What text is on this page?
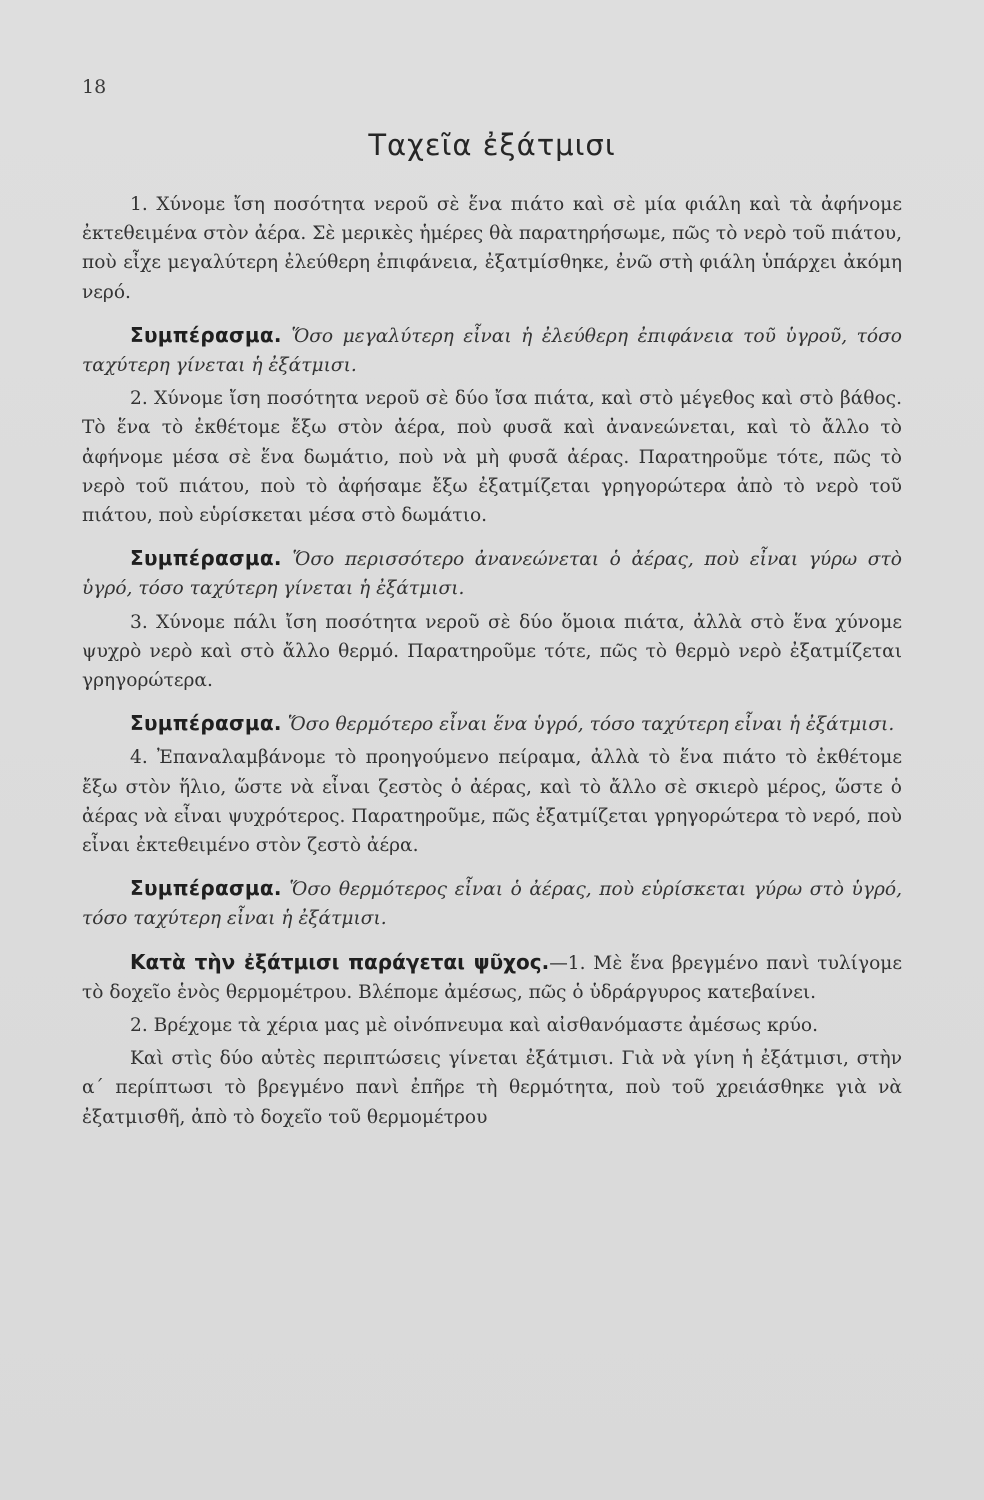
18
Ταχεῖα ἐξάτμισι

1. Χύνομε ἴση ποσότητα νεροῦ σὲ ἕνα πιάτο καὶ σὲ μία φιάλη καὶ τὰ ἀφήνομε ἐκτεθειμένα στὸν ἀέρα. Σὲ μερικὲς ἡμέρες θὰ παρατηρήσωμε, πῶς τὸ νερὸ τοῦ πιάτου, ποὺ εἶχε μεγαλύτερη ἐλεύθερη ἐπιφάνεια, ἐξατμίσθηκε, ἐνῶ στὴ φιάλη ὑπάρχει ἀκόμη νερό.

Συμπέρασμα. Ὅσο μεγαλύτερη εἶναι ἡ ἐλεύθερη ἐπιφάνεια τοῦ ὑγροῦ, τόσο ταχύτερη γίνεται ἡ ἐξάτμισι.

2. Χύνομε ἴση ποσότητα νεροῦ σὲ δύο ἴσα πιάτα, καὶ στὸ μέγεθος καὶ στὸ βάθος. Τὸ ἕνα τὸ ἐκθέτομε ἔξω στὸν ἀέρα, ποὺ φυσᾶ καὶ ἀνανεώνεται, καὶ τὸ ἄλλο τὸ ἀφήνομε μέσα σὲ ἕνα δωμάτιο, ποὺ νὰ μὴ φυσᾶ ἀέρας. Παρατηροῦμε τότε, πῶς τὸ νερὸ τοῦ πιάτου, ποὺ τὸ ἀφήσαμε ἔξω ἐξατμίζεται γρηγορώτερα ἀπὸ τὸ νερὸ τοῦ πιάτου, ποὺ εὑρίσκεται μέσα στὸ δωμάτιο.

Συμπέρασμα. Ὅσο περισσότερο ἀνανεώνεται ὁ ἀέρας, ποὺ εἶναι γύρω στὸ ὑγρό, τόσο ταχύτερη γίνεται ἡ ἐξάτμισι.

3. Χύνομε πάλι ἴση ποσότητα νεροῦ σὲ δύο ὅμοια πιάτα, ἀλλὰ στὸ ἕνα χύνομε ψυχρὸ νερὸ καὶ στὸ ἄλλο θερμό. Παρατηροῦμε τότε, πῶς τὸ θερμὸ νερὸ ἐξατμίζεται γρηγορώτερα.

Συμπέρασμα. Ὅσο θερμότερο εἶναι ἕνα ὑγρό, τόσο ταχύτερη εἶναι ἡ ἐξάτμισι.

4. Ἐπαναλαμβάνομε τὸ προηγούμενο πείραμα, ἀλλὰ τὸ ἕνα πιάτο τὸ ἐκθέτομε ἔξω στὸν ἥλιο, ὥστε νὰ εἶναι ζεστὸς ὁ ἀέρας, καὶ τὸ ἄλλο σὲ σκιερὸ μέρος, ὥστε ὁ ἀέρας νὰ εἶναι ψυχρότερος. Παρατηροῦμε, πῶς ἐξατμίζεται γρηγορώτερα τὸ νερό, ποὺ εἶναι ἐκτεθειμένο στὸν ζεστὸ ἀέρα.

Συμπέρασμα. Ὅσο θερμότερος εἶναι ὁ ἀέρας, ποὺ εὑρίσκεται γύρω στὸ ὑγρό, τόσο ταχύτερη εἶναι ἡ ἐξάτμισι.

Κατὰ τὴν ἐξάτμισι παράγεται ψῦχος.—1. Μὲ ἕνα βρεγμένο πανὶ τυλίγομε τὸ δοχεῖο ἑνὸς θερμομέτρου. Βλέπομε ἀμέσως, πῶς ὁ ὑδράργυρος κατεβαίνει.

2. Βρέχομε τὰ χέρια μας μὲ οἰνόπνευμα καὶ αἰσθανόμαστε ἀμέσως κρύο.

Καὶ στὶς δύο αὐτὲς περιπτώσεις γίνεται ἐξάτμισι. Γιὰ νὰ γίνη ἡ ἐξάτμισι, στὴν α΄ περίπτωσι τὸ βρεγμένο πανὶ ἐπῆρε τὴ θερμότητα, ποὺ τοῦ χρειάσθηκε γιὰ νὰ ἐξατμισθῆ, ἀπὸ τὸ δοχεῖο τοῦ θερμομέτρου
